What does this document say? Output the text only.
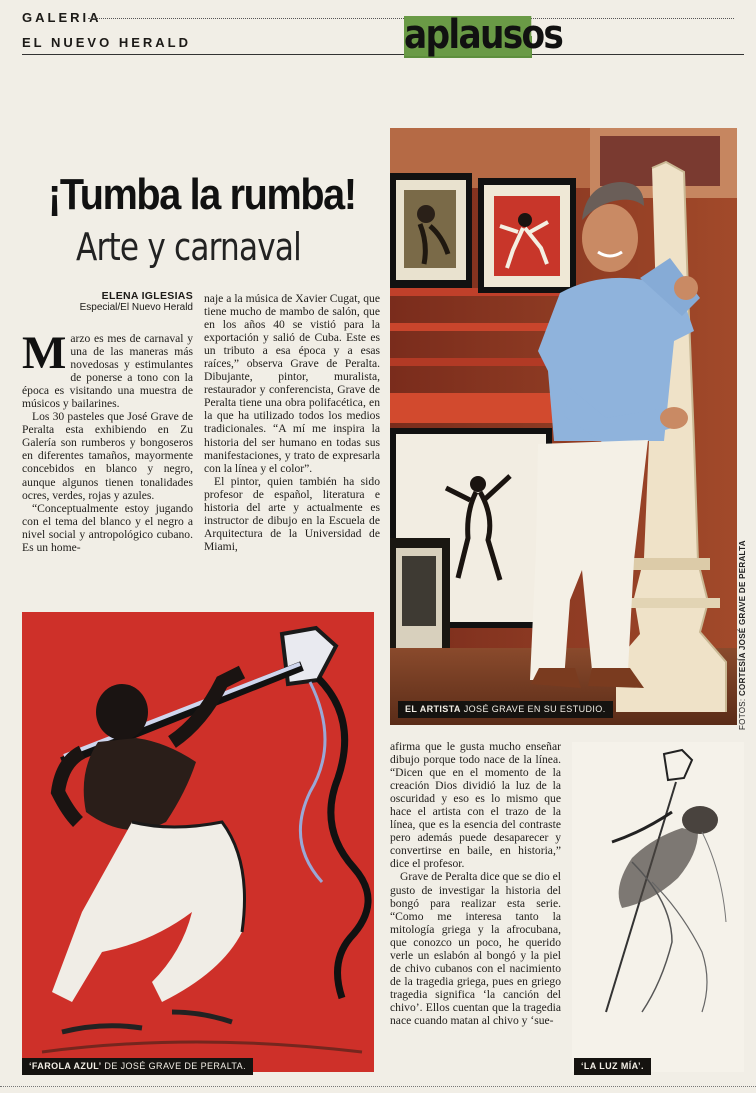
GALERIA
EL NUEVO HERALD	aplausos
¡Tumba la rumba!
Arte y carnaval
ELENA IGLESIAS
Especial/El Nuevo Herald

Marzo es mes de carnaval y una de las maneras más novedosas y estimulantes de ponerse a tono con la época es visitando una muestra de músicos y bailarines.

Los 30 pasteles que José Grave de Peralta esta exhibiendo en Zu Galería son rumberos y bongoseros en diferentes tamaños, mayormente concebidos en blanco y negro, aunque algunos tienen tonalidades ocres, verdes, rojas y azules.

“Conceptualmente estoy jugando con el tema del blanco y el negro a nivel social y antropológico cubano. Es un home-

naje a la música de Xavier Cugat, que tiene mucho de mambo de salón, que en los años 40 se vistió para la exportación y salió de Cuba. Este es un tributo a esa época y a esas raíces,” observa Grave de Peralta. Dibujante, pintor, muralista, restaurador y conferencista, Grave de Peralta tiene una obra polifacética, en la que ha utilizado todos los medios tradicionales. “A mí me inspira la historia del ser humano en todas sus manifestaciones, y trato de expresarla con la línea y el color”.

El pintor, quien también ha sido profesor de español, literatura e historia del arte y actualmente es instructor de dibujo en la Escuela de Arquitectura de la Universidad de Miami,

EL ARTISTA JOSÉ GRAVE EN SU ESTUDIO.	FOTOS: CORTESÍA JOSÉ GRAVE DE PERALTA
‘FAROLA AZUL’ DE JOSÉ GRAVE DE PERALTA.

afirma que le gusta mucho enseñar dibujo porque todo nace de la línea. “Dicen que en el momento de la creación Dios dividió la luz de la oscuridad y eso es lo mismo que hace el artista con el trazo de la línea, que es la esencia del contraste pero además puede desaparecer y convertirse en baile, en historia,” dice el profesor.

Grave de Peralta dice que se dio el gusto de investigar la historia del bongó para realizar esta serie. “Como me interesa tanto la mitología griega y la afrocubana, que conozco un poco, he querido verle un eslabón al bongó y la piel de chivo cubanos con el nacimiento de la tragedia griega, pues en griego tragedia significa ‘la canción del chivo’. Ellos cuentan que la tragedia nace cuando matan al chivo y ‘sue-

‘LA LUZ MÍA’.
